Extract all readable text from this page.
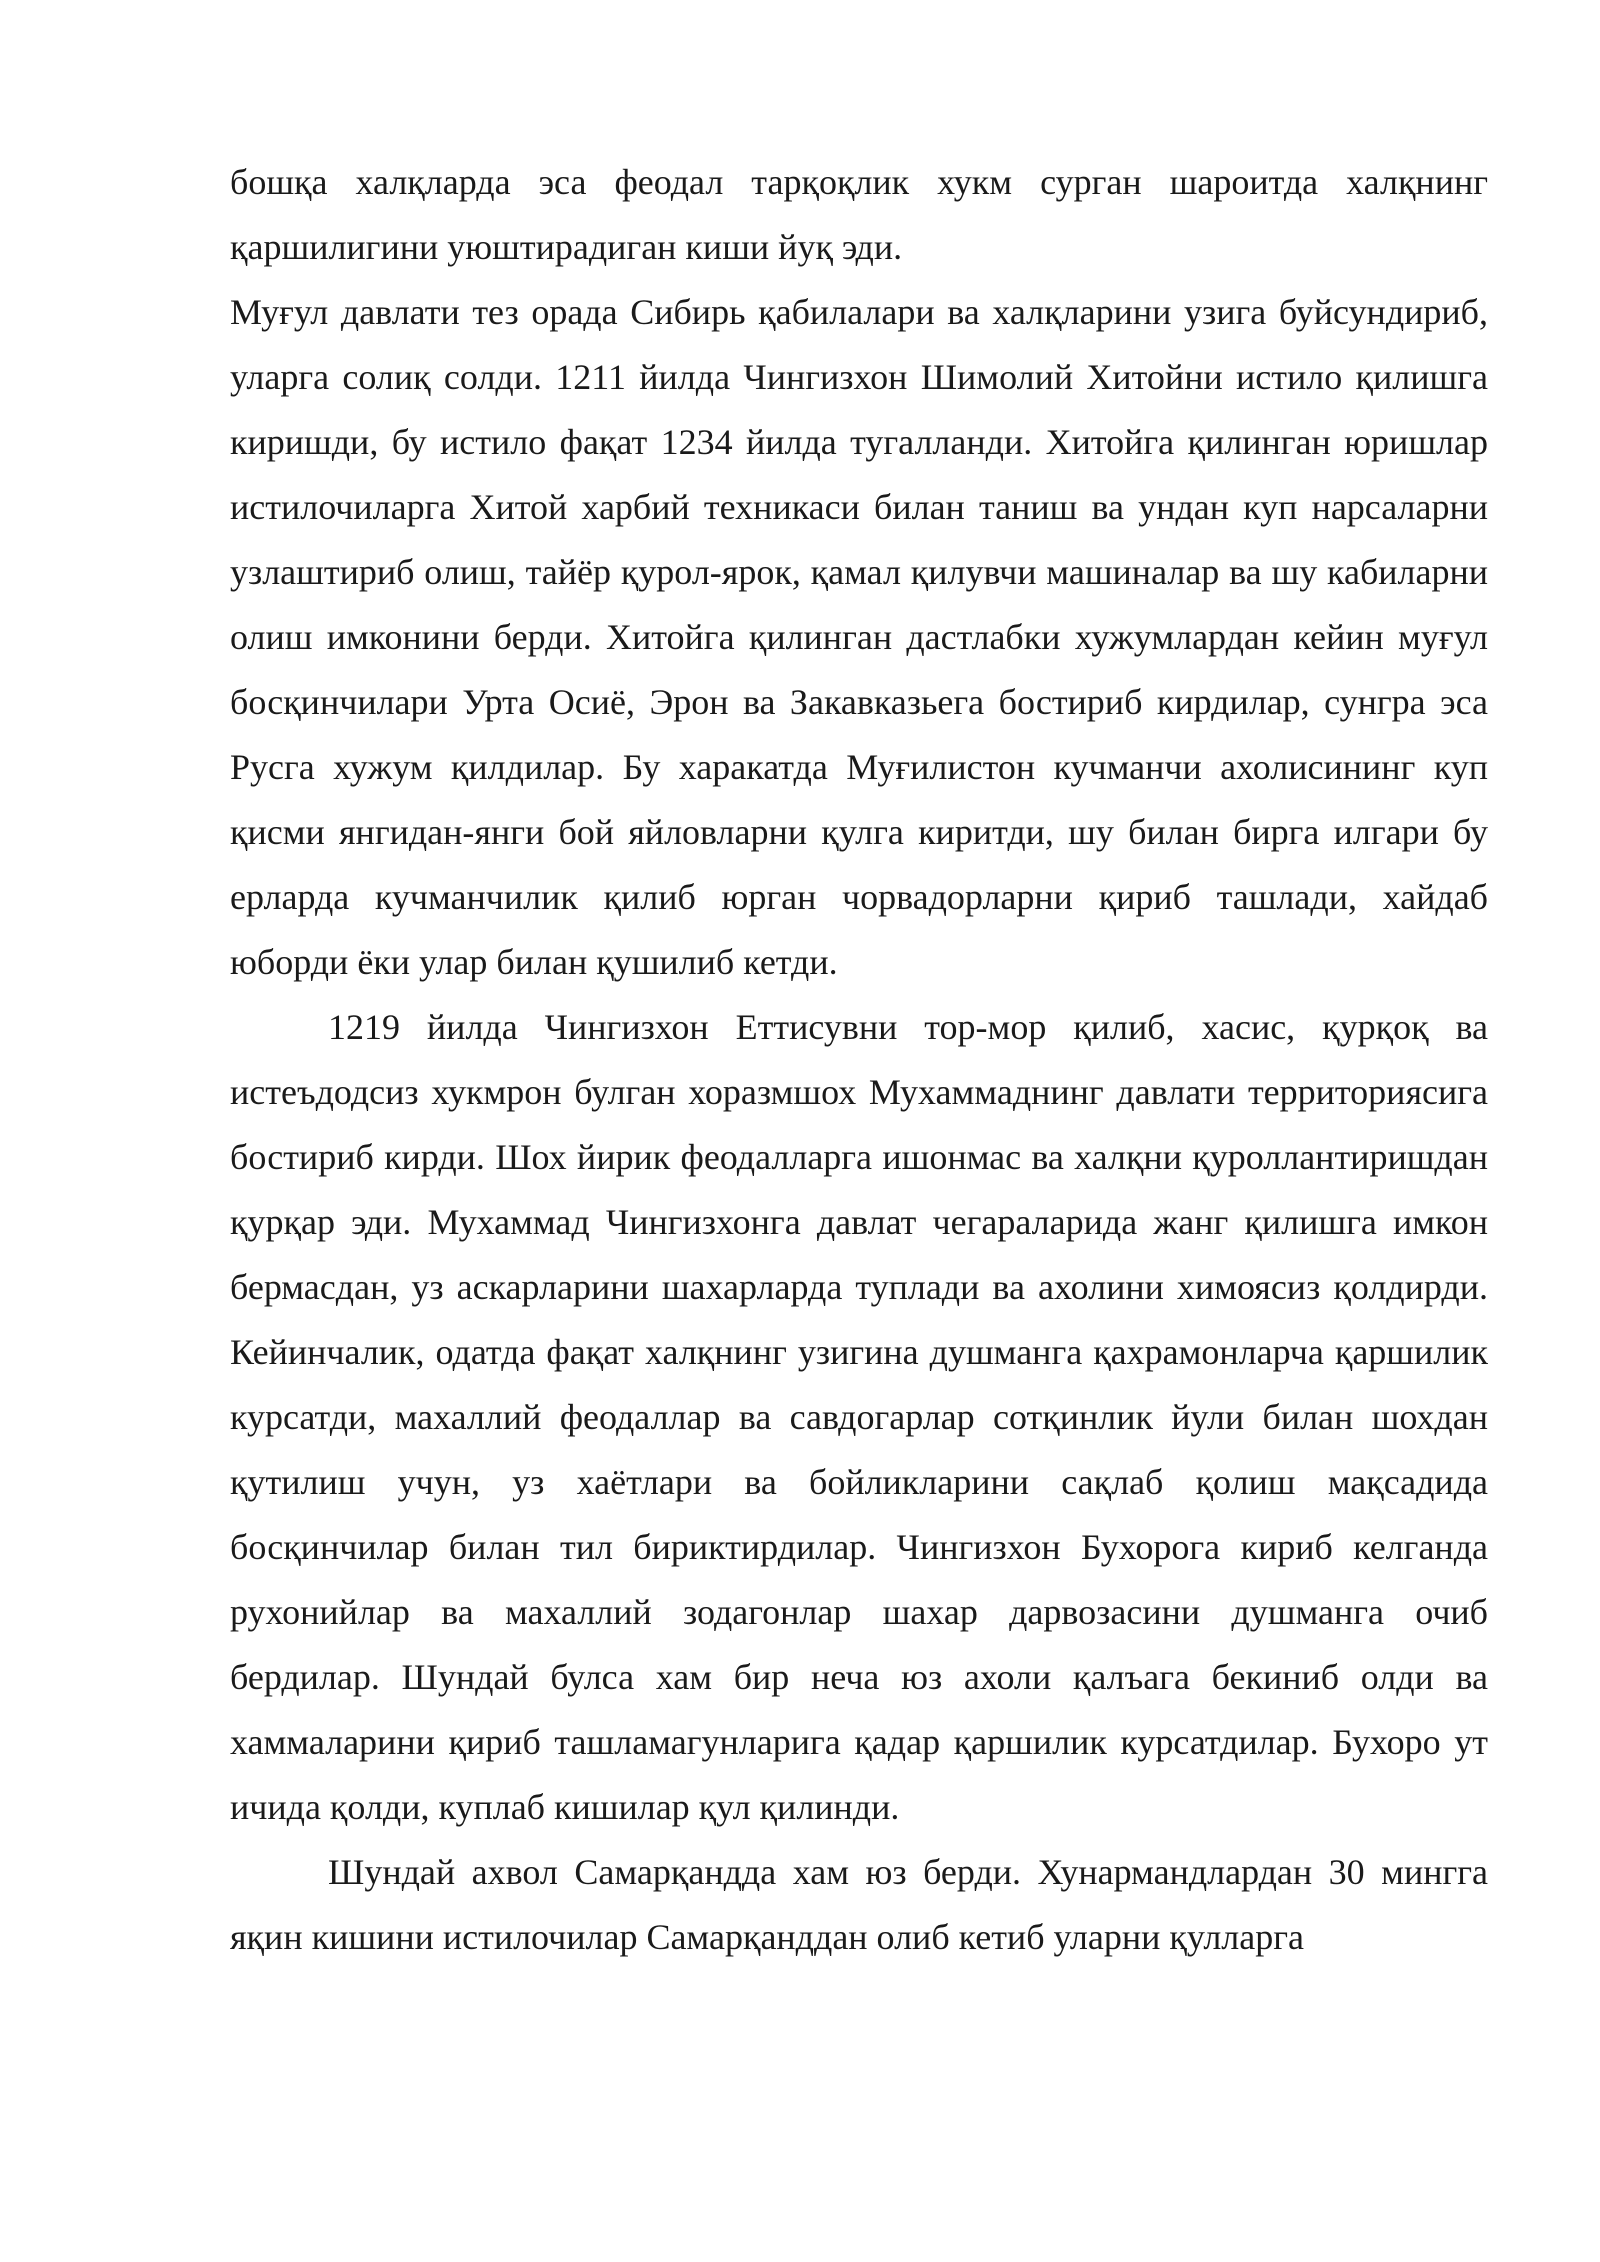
бошқа халқларда эса феодал тарқоқлик хукм сурган шароитда халқнинг қаршилигини уюштирадиган киши йуқ эди.

Муғул давлати тез орада Сибирь қабилалари ва халқларини узига буйсундириб, уларга солиқ солди. 1211 йилда Чингизхон Шимолий Хитойни истило қилишга киришди, бу истило фақат 1234 йилда тугалланди. Хитойга қилинган юришлар истилочиларга Хитой харбий техникаси билан таниш ва ундан куп нарсаларни узлаштириб олиш, тайёр қурол-ярок, қамал қилувчи машиналар ва шу кабиларни олиш имконини берди. Хитойга қилинган дастлабки хужумлардан кейин муғул босқинчилари Урта Осиё, Эрон ва Закавказьега бостириб кирдилар, сунгра эса Русга хужум қилдилар. Бу харакатда Муғилистон кучманчи ахолисининг куп қисми янгидан-янги бой яйловларни қулга киритди, шу билан бирга илгари бу ерларда кучманчилик қилиб юрган чорвадорларни қириб ташлади, хайдаб юборди ёки улар билан қушилиб кетди.

1219 йилда Чингизхон Еттисувни тор-мор қилиб, хасис, қурқоқ ва истеъдодсиз хукмрон булган хоразмшох Мухаммаднинг давлати территориясига бостириб кирди. Шох йирик феодалларга ишонмас ва халқни қуроллантиришдан қурқар эди. Мухаммад Чингизхонга давлат чегараларида жанг қилишга имкон бермасдан, уз аскарларини шахарларда туплади ва ахолини химоясиз қолдирди. Кейинчалик, одатда фақат халқнинг узигина душманга қахрамонларча қаршилик курсатди, махаллий феодаллар ва савдогарлар сотқинлик йули билан шохдан қутилиш учун, уз хаётлари ва бойликларини сақлаб қолиш мақсадида босқинчилар билан тил бириктирдилар. Чингизхон Бухорога кириб келганда рухонийлар ва махаллий зодагонлар шахар дарвозасини душманга очиб бердилар. Шундай булса хам бир неча юз ахоли қалъага бекиниб олди ва хаммаларини қириб ташламагунларига қадар қаршилик курсатдилар. Бухоро ут ичида қолди, куплаб кишилар қул қилинди.

Шундай ахвол Самарқандда хам юз берди. Хунармандлардан 30 мингга яқин кишини истилочилар Самарқанддан олиб кетиб уларни қулларга
